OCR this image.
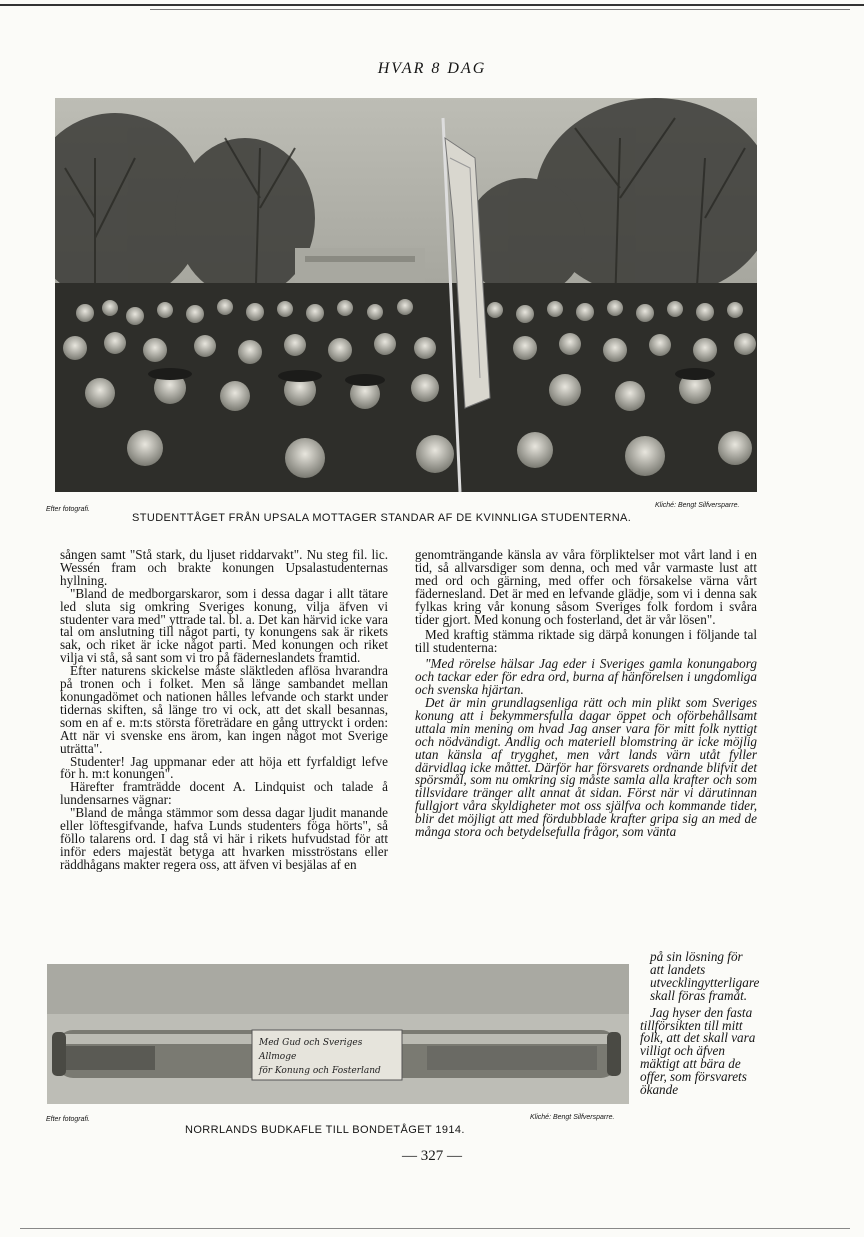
HVAR 8 DAG
Efter fotografi.
Kliché: Bengt Silfversparre.
STUDENTTÅGET FRÅN UPSALA MOTTAGER STANDAR AF DE KVINNLIGA STUDENTERNA.

sången samt "Stå stark, du ljuset riddarvakt". Nu steg fil. lic. Wessén fram och brakte konungen Upsalastudenternas hyllning.

"Bland de medborgarskaror, som i dessa dagar i allt tätare led sluta sig omkring Sveriges konung, vilja äfven vi studenter vara med" yttrade tal. bl. a. Det kan härvid icke vara tal om anslutning till något parti, ty konungens sak är rikets sak, och riket är icke något parti. Med konungen och riket vilja vi stå, så sant som vi tro på fäderneslandets framtid.

Efter naturens skickelse måste släktleden aflösa hvarandra på tronen och i folket. Men så länge sambandet mellan konungadömet och nationen hålles lefvande och starkt under tidernas skiften, så länge tro vi ock, att det skall besannas, som en af e. m:ts största företrädare en gång uttryckt i orden: Att när vi svenske ens ärom, kan ingen något mot Sverige uträtta".

Studenter! Jag uppmanar eder att höja ett fyrfaldigt lefve för h. m:t konungen".

Härefter framträdde docent A. Lindquist och talade å lundensarnes vägnar:

"Bland de många stämmor som dessa dagar ljudit manande eller löftesgifvande, hafva Lunds studenters föga hörts", så föllo talarens ord. I dag stå vi här i rikets hufvudstad för att inför eders majestät betyga att hvarken misströstans eller räddhågans makter regera oss, att äfven vi besjälas af en

genomträngande känsla av våra förpliktelser mot vårt land i en tid, så allvarsdiger som denna, och med vår varmaste lust att med ord och gärning, med offer och försakelse värna vårt fädernesland. Det är med en lefvande glädje, som vi i denna sak fylkas kring vår konung såsom Sveriges folk fordom i svåra tider gjort. Med konung och fosterland, det är vår lösen".

Med kraftig stämma riktade sig därpå konungen i följande tal till studenterna:

"Med rörelse hälsar Jag eder i Sveriges gamla konungaborg och tackar eder för edra ord, burna af hänförelsen i ungdomliga och svenska hjärtan.

Det är min grundlagsenliga rätt och min plikt som Sveriges konung att i bekymmersfulla dagar öppet och oförbehållsamt uttala min mening om hvad Jag anser vara för mitt folk nyttigt och nödvändigt. Andlig och materiell blomstring är icke möjlig utan känsla af trygghet, men vårt lands värn utåt fyller därvidlag icke måttet. Därför har försvarets ordnande blifvit det spörsmål, som nu omkring sig måste samla alla krafter och som tillsvidare tränger allt annat åt sidan. Först när vi därutinnan fullgjort våra skyldigheter mot oss själfva och kommande tider, blir det möjligt att med fördubblade krafter gripa sig an med de många stora och betydelsefulla frågor, som vänta

Med Gud och Sveriges Allmoge
för Konung och Fosterland
Efter fotografi.	Kliché: Bengt Silfversparre.
NORRLANDS BUDKAFLE TILL BONDETÅGET 1914.

på sin lösning för att landets utvecklingytterligare skall föras framåt.

Jag hyser den fasta tillförsikten till mitt folk, att det skall vara villigt och äfven mäktigt att bära de offer, som försvarets ökande

— 327 —
